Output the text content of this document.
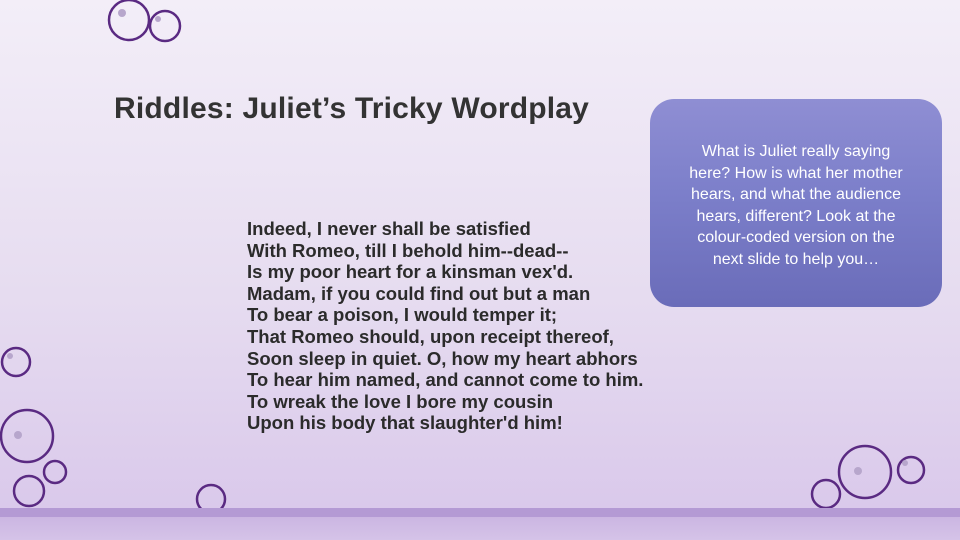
Riddles: Juliet’s Tricky Wordplay
Indeed, I never shall be satisfied
With Romeo, till I behold him--dead--
Is my poor heart for a kinsman vex'd.
Madam, if you could find out but a man
To bear a poison, I would temper it;
That Romeo should, upon receipt thereof,
Soon sleep in quiet. O, how my heart abhors
To hear him named, and cannot come to him.
To wreak the love I bore my cousin
Upon his body that slaughter'd him!
What is Juliet really saying
here? How is what her mother
hears, and what the audience
hears, different? Look at the
colour-coded version on the
next slide to help you…
